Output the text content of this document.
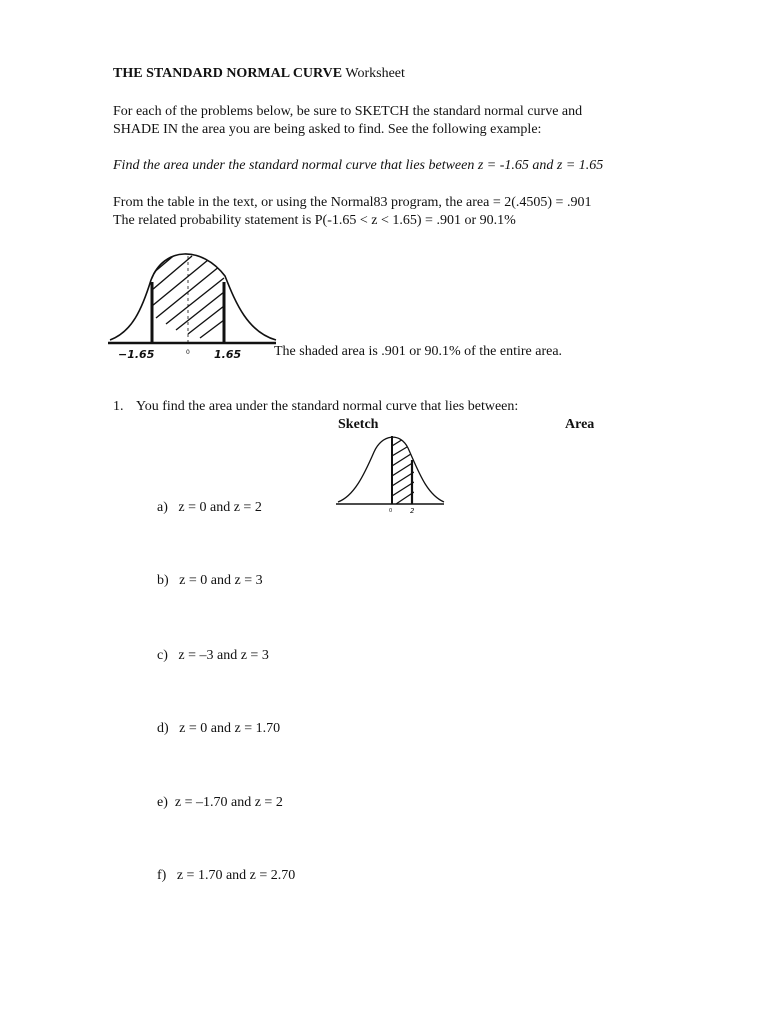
THE STANDARD NORMAL CURVE Worksheet
For each of the problems below, be sure to SKETCH the standard normal curve and
SHADE IN the area you are being asked to find. See the following example:
Find the area under the standard normal curve that lies between z = -1.65 and z = 1.65
From the table in the text, or using the Normal83 program, the area = 2(.4505) = .901
The related probability statement is P(-1.65 < z < 1.65) = .901 or 90.1%
−1.65	0 1.65 The shaded area is .901 or 90.1% of the entire area.
1. You find the area under the standard normal curve that lies between:
Sketch	Area
0	2
a) z = 0 and z = 2
b) z = 0 and z = 3
c) z = –3 and z = 3
d) z = 0 and z = 1.70
e) z = –1.70 and z = 2
f) z = 1.70 and z = 2.70
